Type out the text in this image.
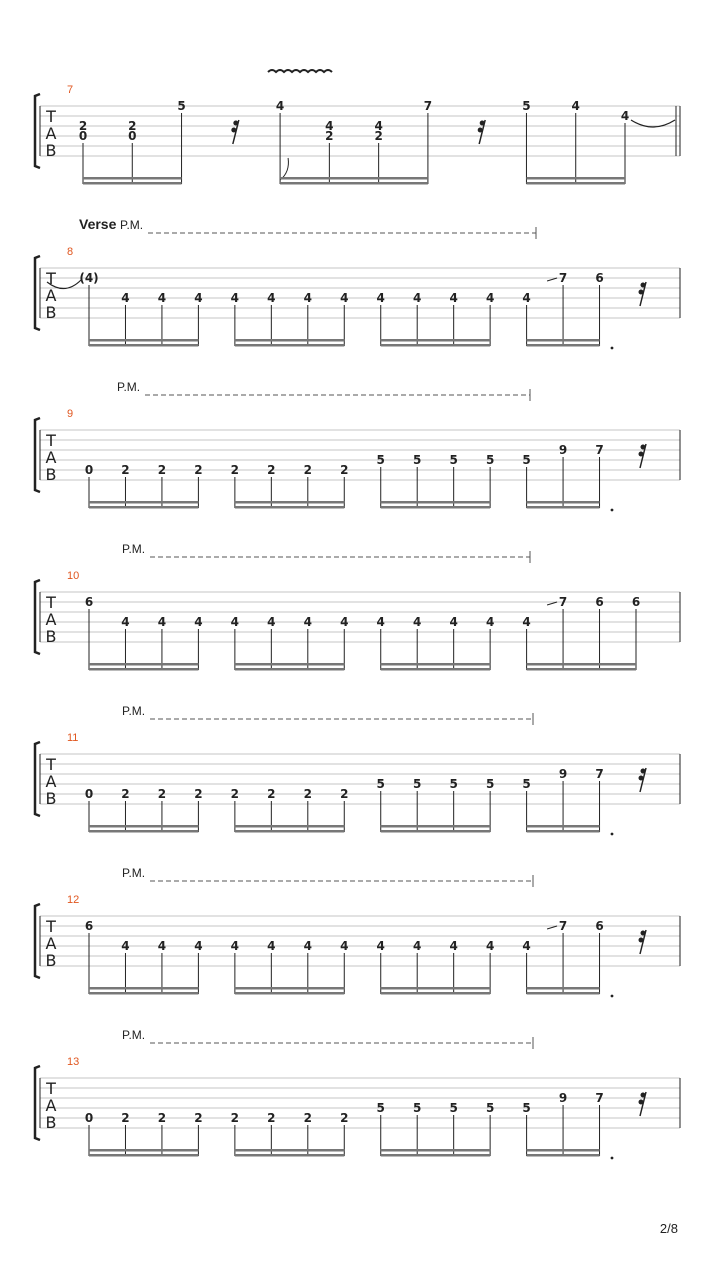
T
A
B
7
2
0
2
0
5	4
4
2
4
2
7	5	4
4
T
A
B
8
Verse P.M.
(4)
4 4 4 4 4 4 4 4 4 4 4 4
7 6
T
A
B
9
P.M.
0 2 2 2 2 2 2 2
5 5 5 5 5
9 7
T
A
B
10
P.M.
6
4 4 4 4 4 4 4 4 4 4 4 4
7 6 6
T
A
B
11
P.M.
0 2 2 2 2 2 2 2
5 5 5 5 5
9 7
T
A
B
12
P.M.
6
4 4 4 4 4 4 4 4 4 4 4 4
7 6
T
A
B
13
P.M.
0 2 2 2 2 2 2 2
5 5 5 5 5
9 7
2/8
